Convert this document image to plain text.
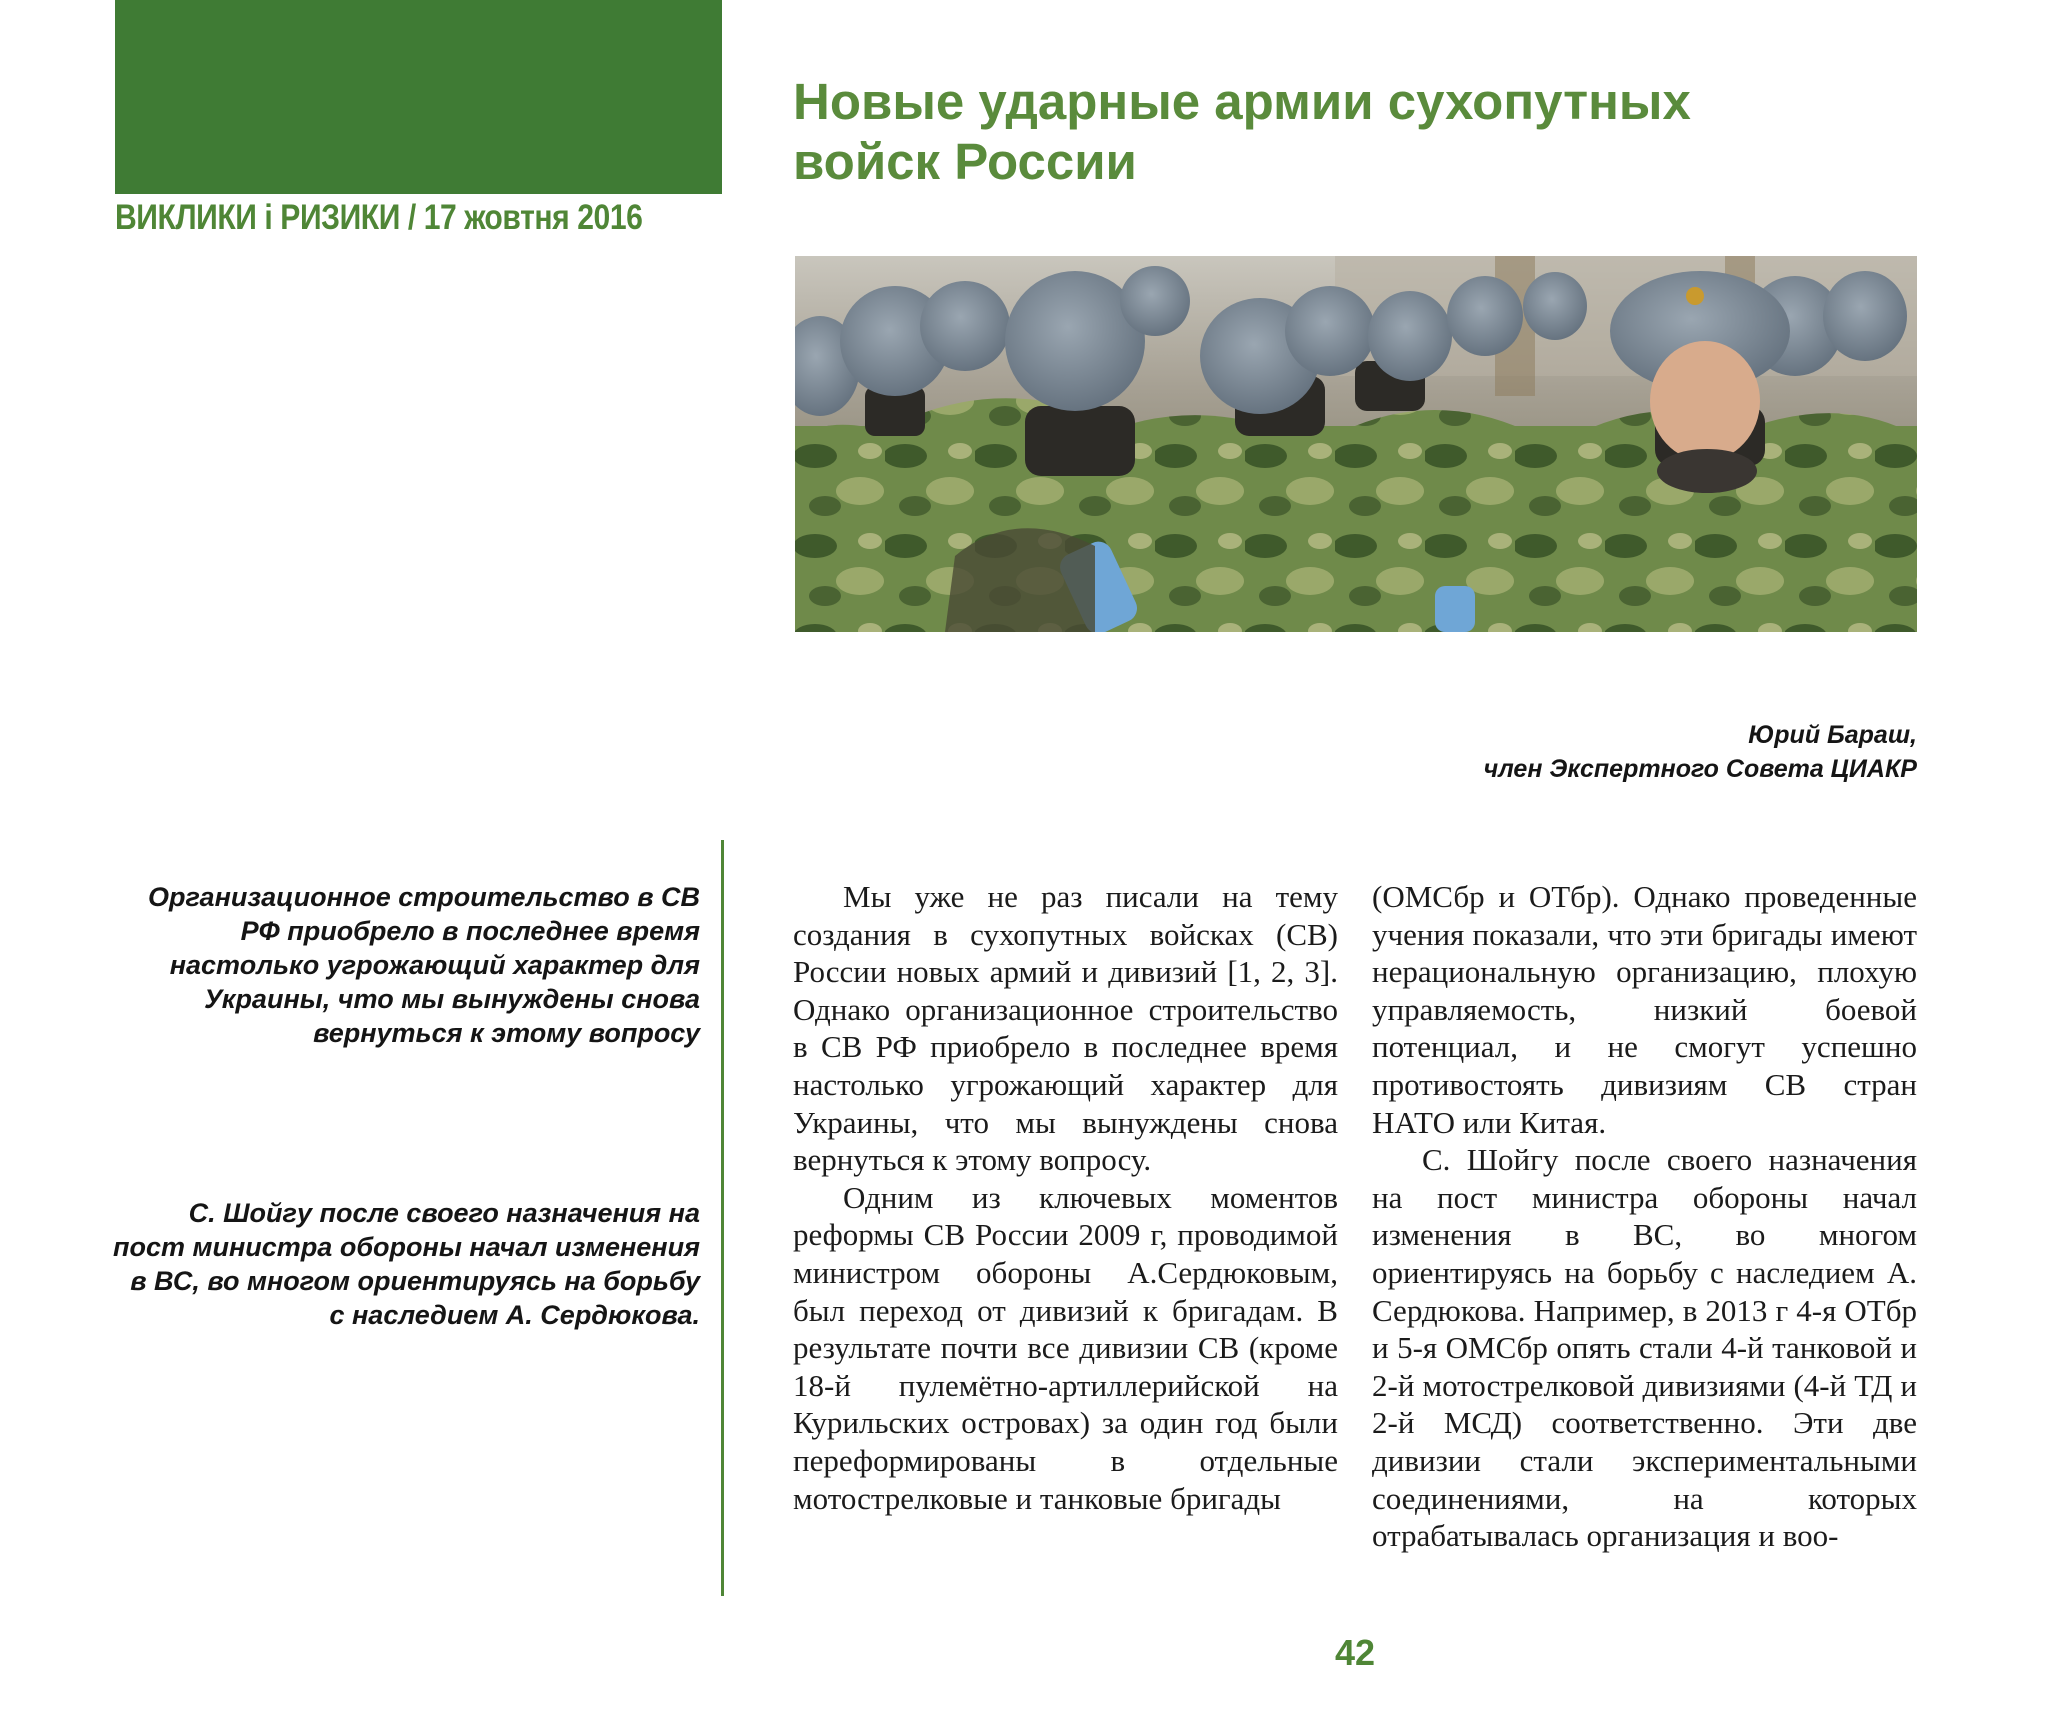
ВИКЛИКИ і РИЗИКИ / 17 жовтня 2016
Новые ударные армии сухопутных
войск России
Юрий Бараш,
член Экспертного Совета ЦИАКР
Организационное строительство в СВ РФ приобрело в последнее время настолько угрожающий характер для Украины, что мы вынуждены снова вернуться к этому вопросу
С. Шойгу после своего назначения на пост министра обороны начал изменения в ВС, во многом ориентируясь на борьбу с наследием А. Сердюкова.

Мы уже не раз писали на тему создания в сухопутных войсках (СВ) России новых армий и дивизий [1, 2, 3]. Однако организационное строительство в СВ РФ приобрело в последнее время настолько угрожающий характер для Украины, что мы вынуждены снова вернуться к этому вопросу.

Одним из ключевых моментов реформы СВ России 2009 г, проводимой министром обороны А.Сердюковым, был переход от дивизий к бригадам. В результате почти все дивизии СВ (кроме 18-й пулемётно-артиллерийской на Курильских островах) за один год были переформированы в отдельные мотострелковые и танковые бригады

(ОМСбр и ОТбр). Однако проведенные учения показали, что эти бригады имеют нерациональную организацию, плохую управляемость, низкий боевой потенциал, и не смогут успешно противостоять дивизиям СВ стран НАТО или Китая.

С. Шойгу после своего назначения на пост министра обороны начал изменения в ВС, во многом ориентируясь на борьбу с наследием А. Сердюкова. Например, в 2013 г 4-я ОТбр и 5-я ОМСбр опять стали 4-й танковой и 2-й мотострелковой дивизиями (4-й ТД и 2-й МСД) соответственно. Эти две дивизии стали экспериментальными соединениями, на которых отрабатывалась организация и воо-

42
